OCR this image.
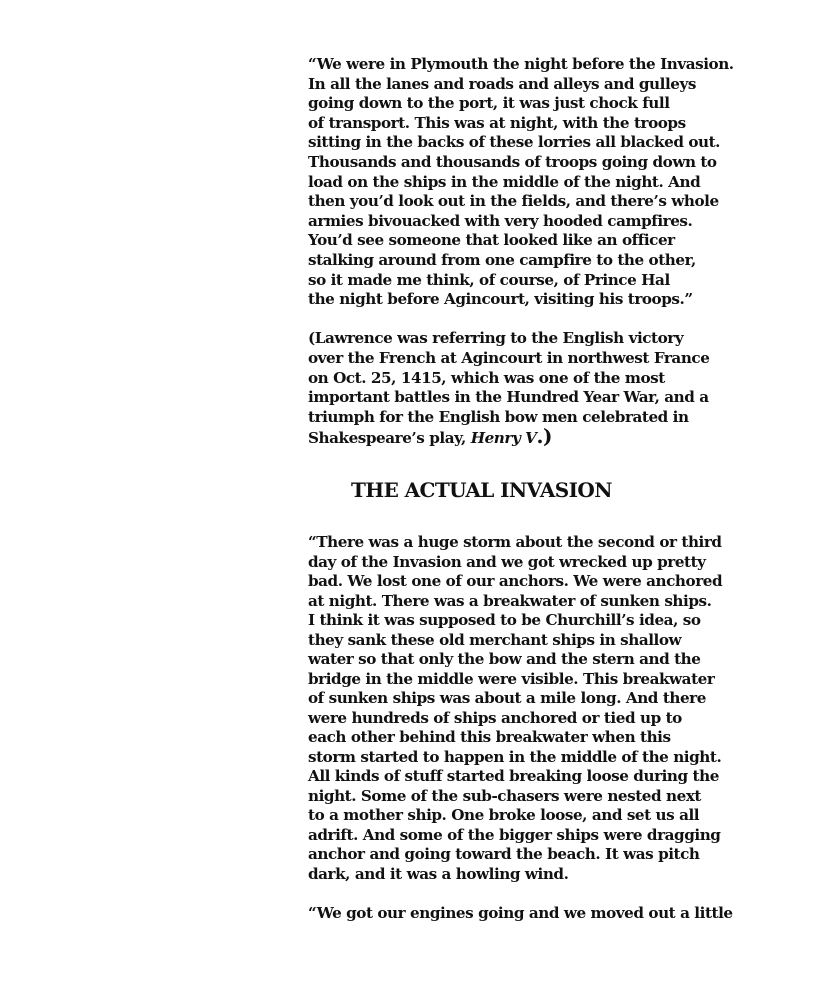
“We were in Plymouth the night before the Invasion.
In all the lanes and roads and alleys and gulleys
going down to the port, it was just chock full
of transport. This was at night, with the troops
sitting in the backs of these lorries all blacked out.
Thousands and thousands of troops going down to
load on the ships in the middle of the night. And
then you’d look out in the fields, and there’s whole
armies bivouacked with very hooded campfires.
You’d see someone that looked like an officer
stalking around from one campfire to the other,
so it made me think, of course, of Prince Hal
the night before Agincourt, visiting his troops.”

(Lawrence was referring to the English victory
over the French at Agincourt in northwest France
on Oct. 25, 1415, which was one of the most
important battles in the Hundred Year War, and a
triumph for the English bow men celebrated in
Shakespeare’s play, Henry V.)

THE ACTUAL INVASION

“There was a huge storm about the second or third
day of the Invasion and we got wrecked up pretty
bad. We lost one of our anchors. We were anchored
at night. There was a breakwater of sunken ships.
I think it was supposed to be Churchill’s idea, so
they sank these old merchant ships in shallow
water so that only the bow and the stern and the
bridge in the middle were visible. This breakwater
of sunken ships was about a mile long. And there
were hundreds of ships anchored or tied up to
each other behind this breakwater when this
storm started to happen in the middle of the night.
All kinds of stuff started breaking loose during the
night. Some of the sub-chasers were nested next
to a mother ship. One broke loose, and set us all
adrift. And some of the bigger ships were dragging
anchor and going toward the beach. It was pitch
dark, and it was a howling wind.

“We got our engines going and we moved out a little
